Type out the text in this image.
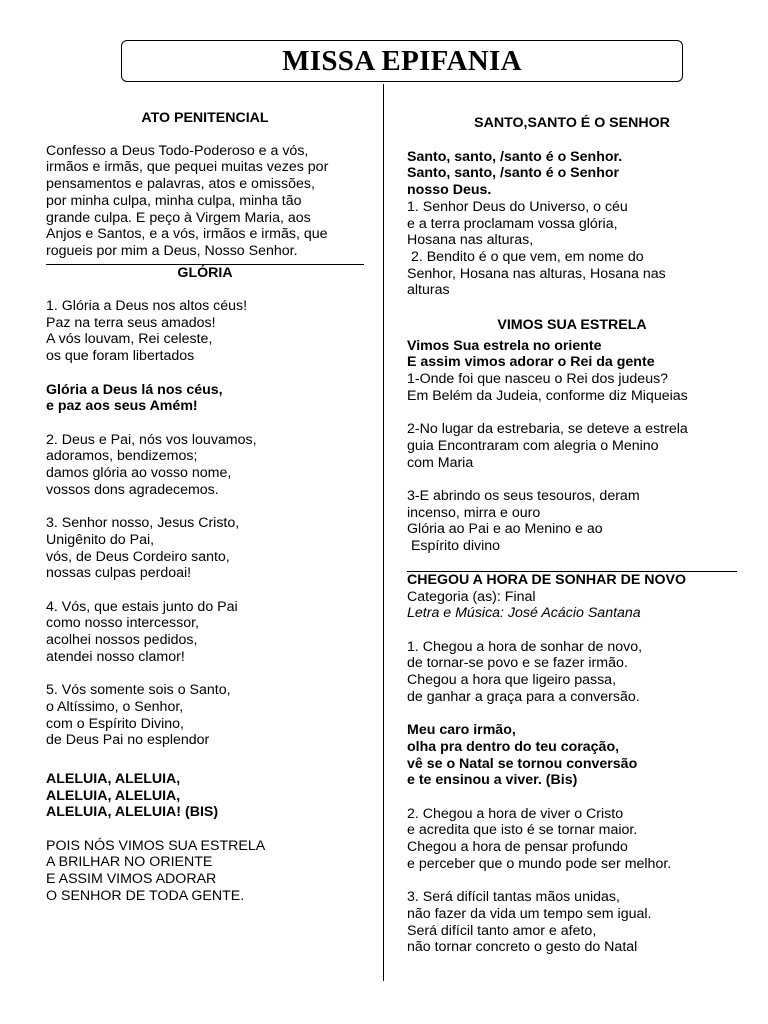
MISSA EPIFANIA

ATO PENITENCIAL

Confesso a Deus Todo-Poderoso e a vós,
irmãos e irmãs, que pequei muitas vezes por
pensamentos e palavras, atos e omissões,
por minha culpa, minha culpa, minha tão
grande culpa. E peço à Virgem Maria, aos
Anjos e Santos, e a vós, irmãos e irmãs, que
rogueis por mim a Deus, Nosso Senhor.

GLÓRIA

1. Glória a Deus nos altos céus!
Paz na terra seus amados!
A vós louvam, Rei celeste,
os que foram libertados
Glória a Deus lá nos céus,
e paz aos seus Amém!
2. Deus e Pai, nós vos louvamos,
adoramos, bendizemos;
damos glória ao vosso nome,
vossos dons agradecemos.
3. Senhor nosso, Jesus Cristo,
Unigênito do Pai,
vós, de Deus Cordeiro santo,
nossas culpas perdoai!
4. Vós, que estais junto do Pai
como nosso intercessor,
acolhei nossos pedidos,
atendei nosso clamor!
5. Vós somente sois o Santo,
o Altíssimo, o Senhor,
com o Espírito Divino,
de Deus Pai no esplendor
ALELUIA, ALELUIA,
ALELUIA, ALELUIA,
ALELUIA, ALELUIA! (BIS)
POIS NÓS VIMOS SUA ESTRELA
A BRILHAR NO ORIENTE
E ASSIM VIMOS ADORAR
O SENHOR DE TODA GENTE.

SANTO,SANTO É O SENHOR

Santo, santo, /santo é o Senhor.
Santo, santo, /santo é o Senhor
nosso Deus.
1. Senhor Deus do Universo, o céu
e a terra proclamam vossa glória,
Hosana nas alturas,
2. Bendito é o que vem, em nome do
Senhor, Hosana nas alturas, Hosana nas
alturas

VIMOS SUA ESTRELA

Vimos Sua estrela no oriente
E assim vimos adorar o Rei da gente
1-Onde foi que nasceu o Rei dos judeus?
Em Belém da Judeia, conforme diz Miqueias
2-No lugar da estrebaria, se deteve a estrela
guia Encontraram com alegria o Menino
com Maria
3-E abrindo os seus tesouros, deram
incenso, mirra e ouro
Glória ao Pai e ao Menino e ao
Espírito divino
CHEGOU A HORA DE SONHAR DE NOVO
Categoria (as): Final
Letra e Música: José Acácio Santana
1. Chegou a hora de sonhar de novo,
de tornar-se povo e se fazer irmão.
Chegou a hora que ligeiro passa,
de ganhar a graça para a conversão.
Meu caro irmão,
olha pra dentro do teu coração,
vê se o Natal se tornou conversão
e te ensinou a viver. (Bis)
2. Chegou a hora de viver o Cristo
e acredita que isto é se tornar maior.
Chegou a hora de pensar profundo
e perceber que o mundo pode ser melhor.
3. Será difícil tantas mãos unidas,
não fazer da vida um tempo sem igual.
Será difícil tanto amor e afeto,
não tornar concreto o gesto do Natal
